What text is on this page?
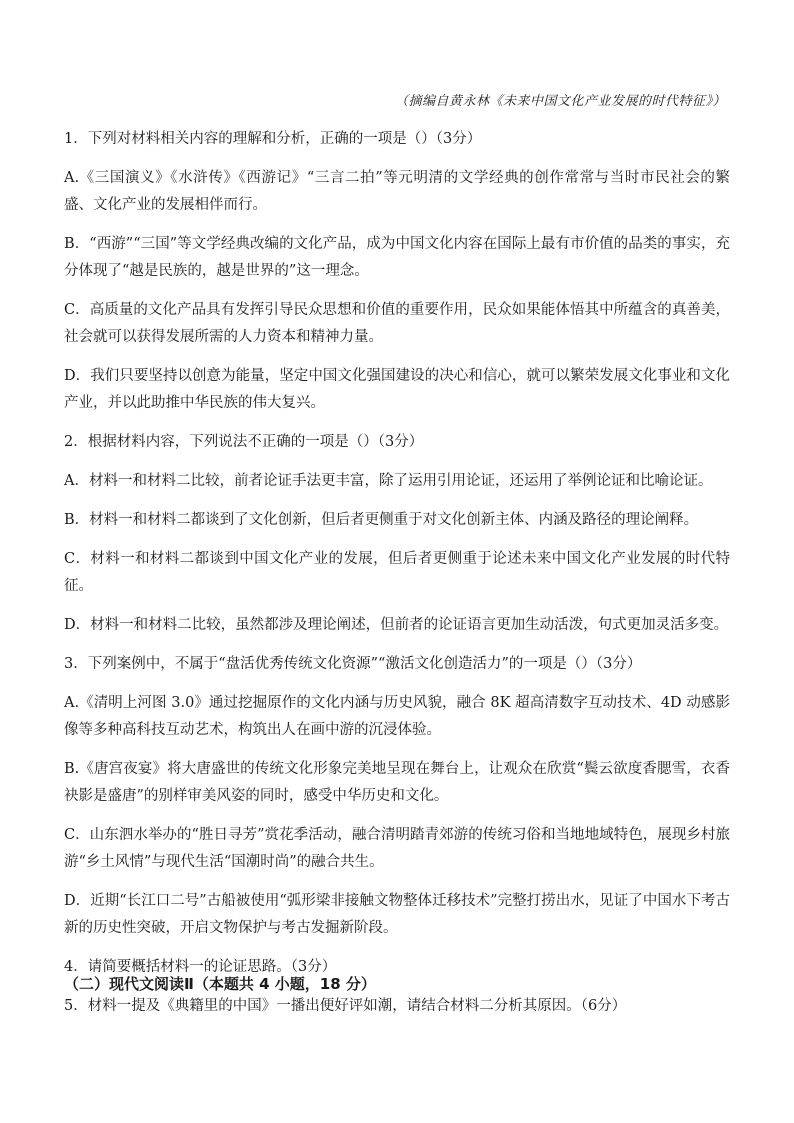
（摘编自黄永林《未来中国文化产业发展的时代特征》）

1．下列对材料相关内容的理解和分析，正确的一项是（）（3分）

A.《三国演义》《水浒传》《西游记》“三言二拍”等元明清的文学经典的创作常常与当时市民社会的繁盛、文化产业的发展相伴而行。

B．“西游”“三国”等文学经典改编的文化产品，成为中国文化内容在国际上最有市价值的品类的事实，充分体现了“越是民族的，越是世界的”这一理念。

C．高质量的文化产品具有发挥引导民众思想和价值的重要作用，民众如果能体悟其中所蕴含的真善美，社会就可以获得发展所需的人力资本和精神力量。

D．我们只要坚持以创意为能量，坚定中国文化强国建设的决心和信心，就可以繁荣发展文化事业和文化产业，并以此助推中华民族的伟大复兴。

2．根据材料内容，下列说法不正确的一项是（）（3分）

A．材料一和材料二比较，前者论证手法更丰富，除了运用引用论证，还运用了举例论证和比喻论证。

B．材料一和材料二都谈到了文化创新，但后者更侧重于对文化创新主体、内涵及路径的理论阐释。

C．材料一和材料二都谈到中国文化产业的发展，但后者更侧重于论述未来中国文化产业发展的时代特征。

D．材料一和材料二比较，虽然都涉及理论阐述，但前者的论证语言更加生动活泼，句式更加灵活多变。

3．下列案例中，不属于“盘活优秀传统文化资源”“激活文化创造活力”的一项是（）（3分）

A.《清明上河图 3.0》通过挖掘原作的文化内涵与历史风貌，融合 8K 超高清数字互动技术、4D 动感影像等多种高科技互动艺术，构筑出人在画中游的沉浸体验。

B.《唐宫夜宴》将大唐盛世的传统文化形象完美地呈现在舞台上，让观众在欣赏“鬓云欲度香腮雪，衣香袂影是盛唐”的别样审美风姿的同时，感受中华历史和文化。

C．山东泗水举办的“胜日寻芳”赏花季活动，融合清明踏青郊游的传统习俗和当地地域特色，展现乡村旅游“乡土风情”与现代生活“国潮时尚”的融合共生。

D．近期“长江口二号”古船被使用“弧形梁非接触文物整体迁移技术”完整打捞出水，见证了中国水下考古新的历史性突破，开启文物保护与考古发掘新阶段。

4．请简要概括材料一的论证思路。（3分）

5．材料一提及《典籍里的中国》一播出便好评如潮，请结合材料二分析其原因。（6分）

（二）现代文阅读Ⅱ（本题共 4 小题，18 分）
